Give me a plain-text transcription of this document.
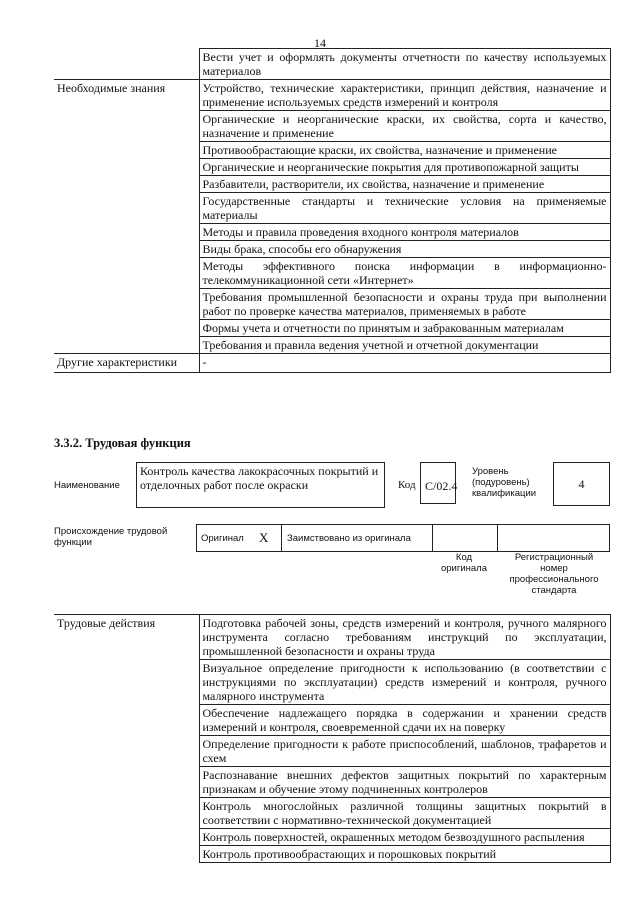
14
	Вести учет и оформлять документы отчетности по качеству используемых материалов
Необходимые знания	Устройство, технические характеристики, принцип действия, назначение и применение используемых средств измерений и контроля
	Органические и неорганические краски, их свойства, сорта и качество, назначение и применение
	Противообрастающие краски, их свойства, назначение и применение
	Органические и неорганические покрытия для противопожарной защиты
	Разбавители, растворители, их свойства, назначение и применение
	Государственные стандарты и технические условия на применяемые материалы
	Методы и правила проведения входного контроля материалов
	Виды брака, способы его обнаружения
	Методы эффективного поиска информации в информационно-телекоммуникационной сети «Интернет»
	Требования промышленной безопасности и охраны труда при выполнении работ по проверке качества материалов, применяемых в работе
	Формы учета и отчетности по принятым и забракованным материалам
	Требования и правила ведения учетной и отчетной документации
Другие характеристики	-
3.3.2. Трудовая функция
Наименование
Контроль качества лакокрасочных покрытий и отделочных работ после окраски	Код C/02.4
Уровень (подуровень) квалификации
4
Происхождение трудовой функции	Оригинал X Заимствовано из оригинала
Код оригинала
Регистрационный номер профессионального стандарта
Трудовые действия	Подготовка рабочей зоны, средств измерений и контроля, ручного малярного инструмента согласно требованиям инструкций по эксплуатации, промышленной безопасности и охраны труда
Визуальное определение пригодности к использованию (в соответствии с инструкциями по эксплуатации) средств измерений и контроля, ручного малярного инструмента
Обеспечение надлежащего порядка в содержании и хранении средств измерений и контроля, своевременной сдачи их на поверку
Определение пригодности к работе приспособлений, шаблонов, трафаретов и схем
Распознавание внешних дефектов защитных покрытий по характерным признакам и обучение этому подчиненных контролеров
Контроль многослойных различной толщины защитных покрытий в соответствии с нормативно-технической документацией
Контроль поверхностей, окрашенных методом безвоздушного распыления
Контроль противообрастающих и порошковых покрытий
